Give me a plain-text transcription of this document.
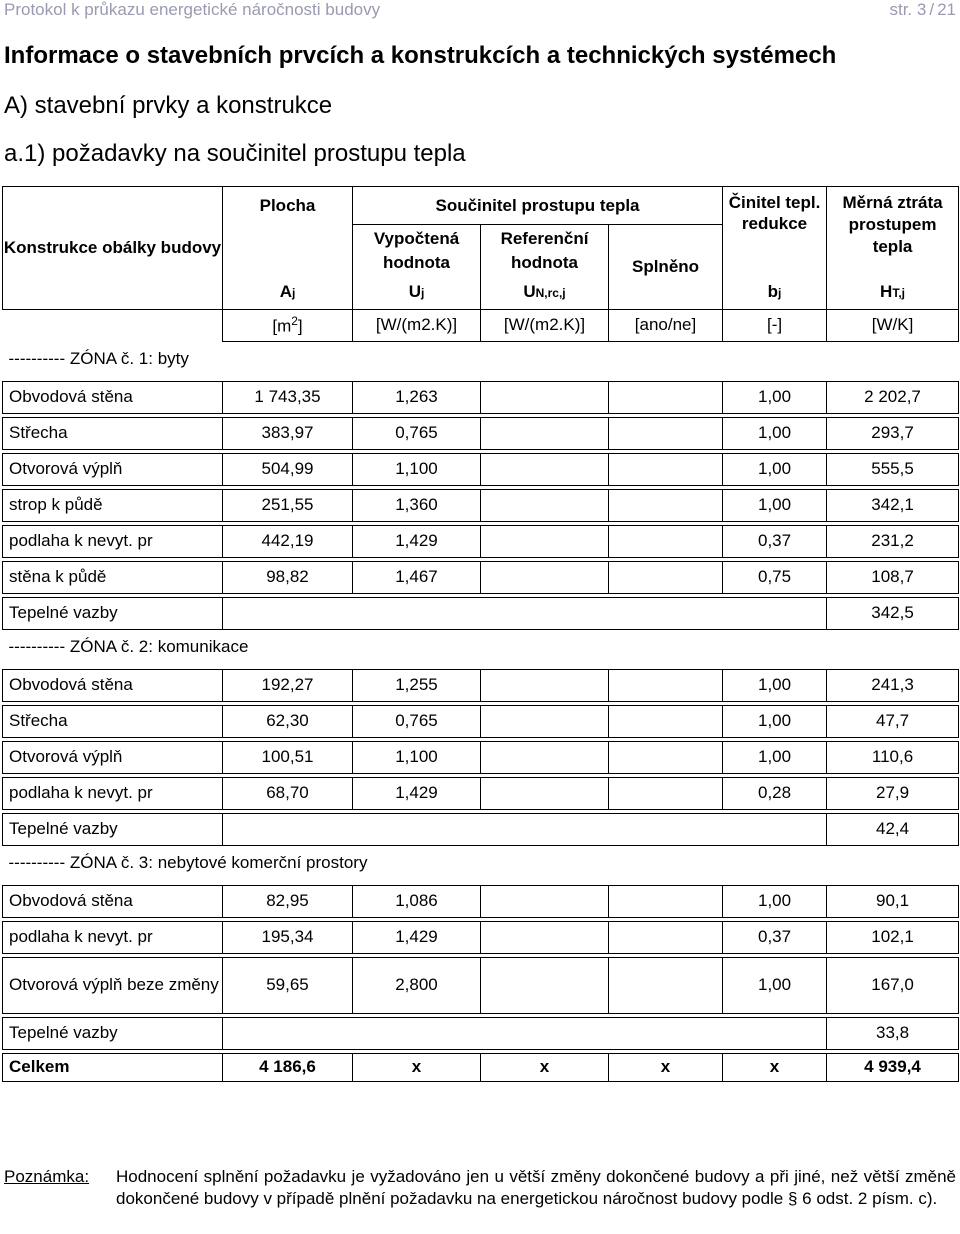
Protokol k průkazu energetické náročnosti budovy	str. 3 / 21
Informace o stavebních prvcích a konstrukcích a technických systémech
A) stavební prvky a konstrukce
a.1) požadavky na součinitel prostupu tepla
Konstrukce obálky budovy	Plocha	Součinitel prostupu tepla			Činitel tepl. redukce	Měrná ztráta prostupem tepla
		Vypočtená hodnota	Referenční hodnota	Splněno		
	Aj	Uj	UN,rc,j		bj	HT,j
	$[m^2]$	[W/(m2.K)]	[W/(m2.K)]	[ano/ne]	[-]	[W/K]
---------- ZÓNA č. 1: byty						

Obvodová stěna	1 743,35	1,263			1,00	2 202,7

Střecha	383,97	0,765			1,00	293,7

Otvorová výplň	504,99	1,100			1,00	555,5

strop k půdě	251,55	1,360			1,00	342,1

podlaha k nevyt. pr	442,19	1,429			0,37	231,2

stěna k půdě	98,82	1,467			0,75	108,7

Tepelné vazby						342,5
---------- ZÓNA č. 2: komunikace						

Obvodová stěna	192,27	1,255			1,00	241,3

Střecha	62,30	0,765			1,00	47,7

Otvorová výplň	100,51	1,100			1,00	110,6

podlaha k nevyt. pr	68,70	1,429			0,28	27,9

Tepelné vazby						42,4
---------- ZÓNA č. 3: nebytové komerční prostory						

Obvodová stěna	82,95	1,086			1,00	90,1

podlaha k nevyt. pr	195,34	1,429			0,37	102,1

Otvorová výplň beze změny	59,65	2,800			1,00	167,0

Tepelné vazby						33,8

Celkem	4 186,6	x	x	x	x	4 939,4
Poznámka: Hodnocení splnění požadavku je vyžadováno jen u větší změny dokončené budovy a při jiné, než větší změně dokončené budovy v případě plnění požadavku na energetickou náročnost budovy podle § 6 odst. 2 písm. c).
